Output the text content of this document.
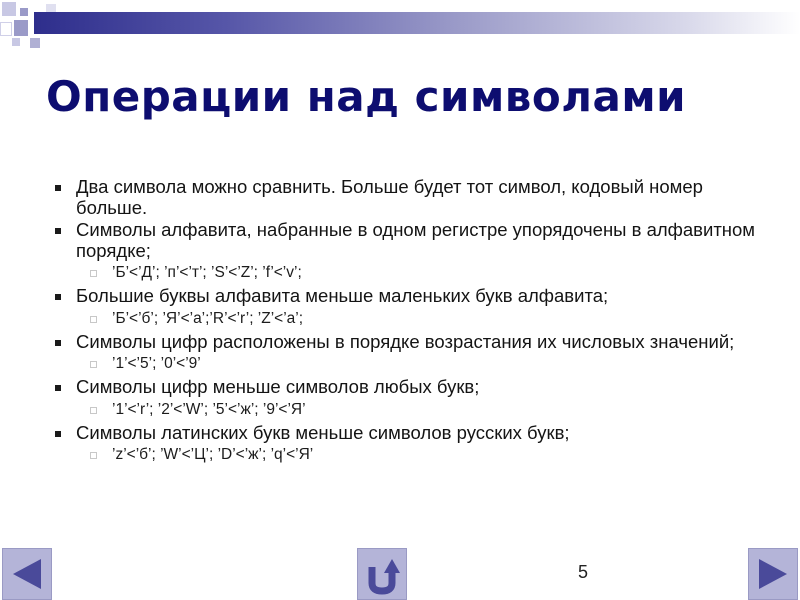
Операции над символами
Два символа можно сравнить. Больше будет тот символ, кодовый номер больше.
Символы алфавита, набранные в одном регистре упорядочены в алфавитном порядке;
’Б’<’Д’; ’п’<’т’; ’S’<’Z’; ’f’<’v’;
Большие буквы алфавита меньше маленьких букв алфавита;
’Б’<’б’; ’Я’<’а’;’R’<’r’; ’Z’<’a’;
Символы цифр расположены в порядке возрастания их числовых значений;
’1’<’5’; ’0’<’9’
Символы цифр меньше символов любых букв;
’1’<’r’; ’2’<’W’; ’5’<’ж’; ’9’<’Я’
Символы латинских букв меньше символов русских букв;
’z’<’б’; ’W’<’Ц’; ’D’<’ж’; ’q’<’Я’
5
